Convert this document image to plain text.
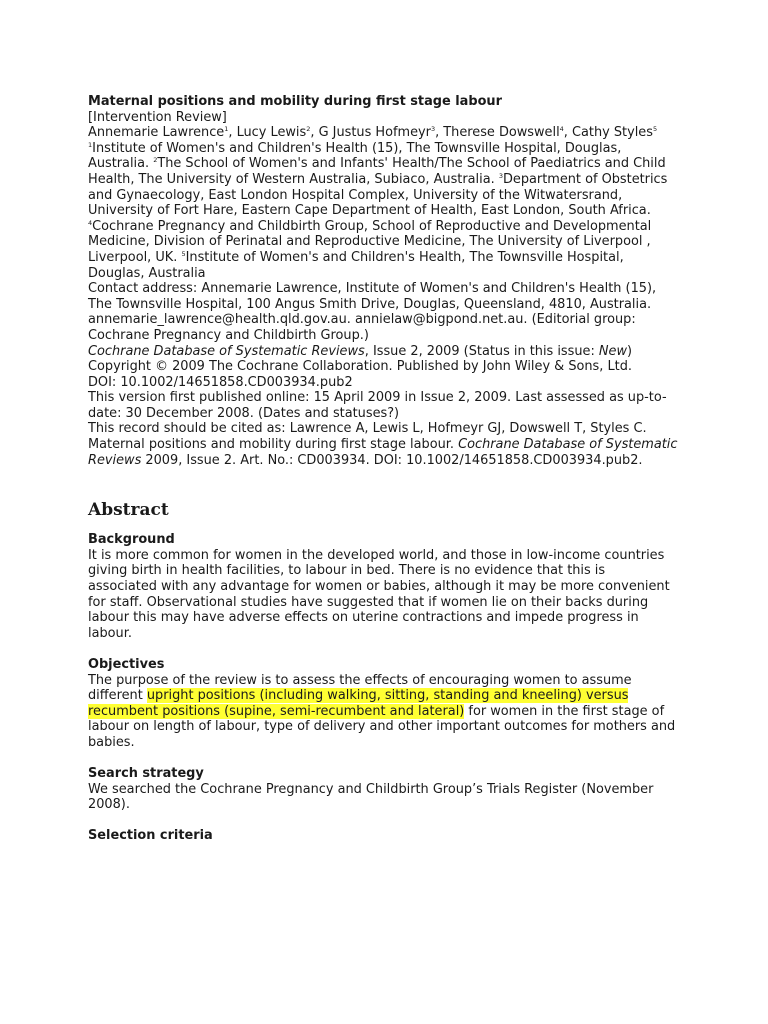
Maternal positions and mobility during first stage labour
[Intervention Review]
Annemarie Lawrence$^1$, Lucy Lewis$^2$, G Justus Hofmeyr$^3$, Therese Dowswell$^4$, Cathy Styles$^5$
$^1$Institute of Women's and Children's Health (15), The Townsville Hospital, Douglas, Australia. $^2$The School of Women's and Infants' Health/The School of Paediatrics and Child Health, The University of Western Australia, Subiaco, Australia. $^3$Department of Obstetrics and Gynaecology, East London Hospital Complex, University of the Witwatersrand, University of Fort Hare, Eastern Cape Department of Health, East London, South Africa.
$^4$Cochrane Pregnancy and Childbirth Group, School of Reproductive and Developmental Medicine, Division of Perinatal and Reproductive Medicine, The University of Liverpool , Liverpool, UK. $^5$Institute of Women's and Children's Health, The Townsville Hospital, Douglas, Australia
Contact address: Annemarie Lawrence, Institute of Women's and Children's Health (15), The Townsville Hospital, 100 Angus Smith Drive, Douglas, Queensland, 4810, Australia. annemarie_lawrence@health.qld.gov.au. annielaw@bigpond.net.au. (Editorial group: Cochrane Pregnancy and Childbirth Group.)
Cochrane Database of Systematic Reviews, Issue 2, 2009 (Status in this issue: New)
Copyright © 2009 The Cochrane Collaboration. Published by John Wiley & Sons, Ltd.
DOI: 10.1002/14651858.CD003934.pub2
This version first published online: 15 April 2009 in Issue 2, 2009. Last assessed as up-to-date: 30 December 2008. (Dates and statuses?)
This record should be cited as: Lawrence A, Lewis L, Hofmeyr GJ, Dowswell T, Styles C. Maternal positions and mobility during first stage labour. Cochrane Database of Systematic Reviews 2009, Issue 2. Art. No.: CD003934. DOI: 10.1002/14651858.CD003934.pub2.
Abstract
Background
It is more common for women in the developed world, and those in low-income countries giving birth in health facilities, to labour in bed. There is no evidence that this is associated with any advantage for women or babies, although it may be more convenient for staff. Observational studies have suggested that if women lie on their backs during labour this may have adverse effects on uterine contractions and impede progress in labour.
Objectives
The purpose of the review is to assess the effects of encouraging women to assume different upright positions (including walking, sitting, standing and kneeling) versus recumbent positions (supine, semi-recumbent and lateral) for women in the first stage of labour on length of labour, type of delivery and other important outcomes for mothers and babies.
Search strategy
We searched the Cochrane Pregnancy and Childbirth Group’s Trials Register (November 2008).
Selection criteria
